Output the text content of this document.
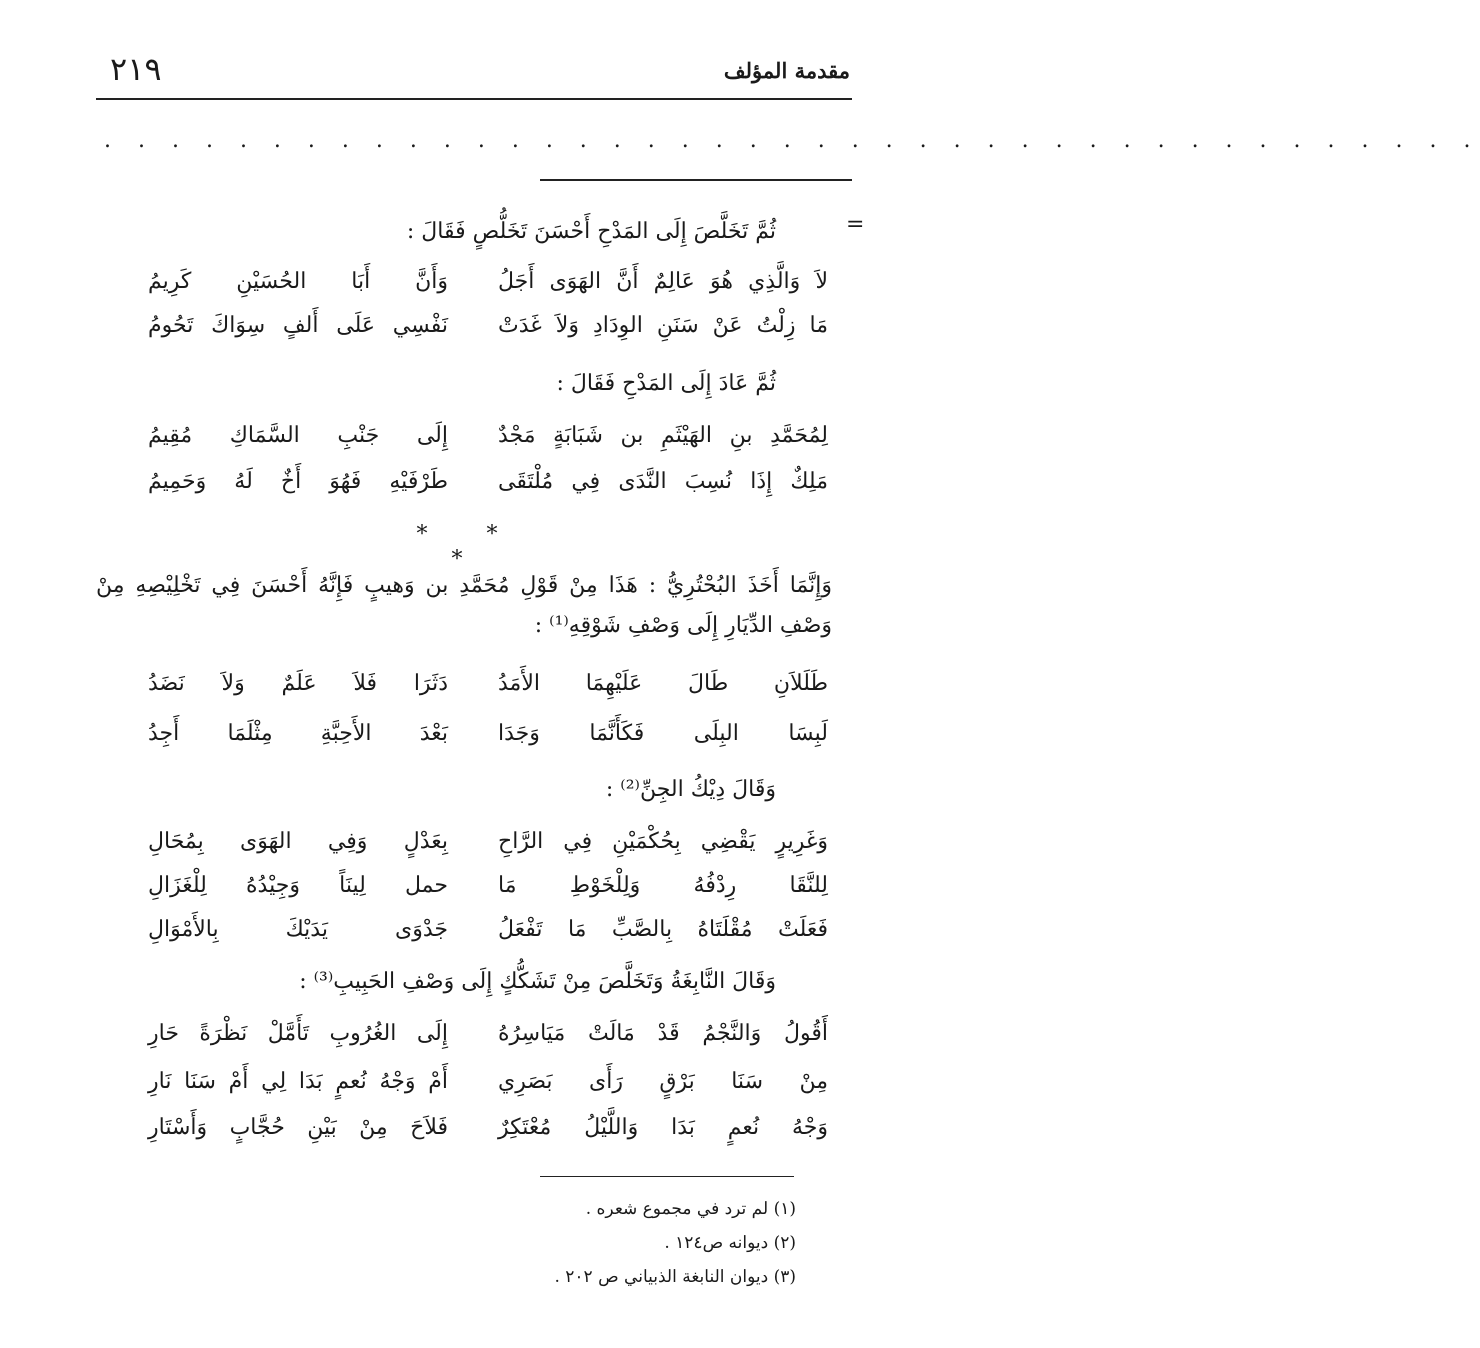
مقدمة المؤلف
٢١٩
. . . . . . . . . . . . . . . . . . . . . . . . . . . . . . . . . . . . . . . . .
=
ثُمَّ تَخَلَّصَ إِلَى المَدْحِ أَحْسَنَ تَخَلُّصٍ فَقَالَ :
لاَ وَالَّذِي هُوَ عَالِمٌ أَنَّ الهَوَى أَجَلُ
وَأَنَّ أَبَا الحُسَيْنِ كَرِيمُ
مَا زِلْتُ عَنْ سَنَنِ الوِدَادِ وَلاَ غَدَتْ
نَفْسِي عَلَى أَلفٍ سِوَاكَ تَحُومُ
ثُمَّ عَادَ إِلَى المَدْحِ فَقَالَ :
لِمُحَمَّدِ بنِ الهَيْثَمِ بن شَبَابَةٍ مَجْدٌ
إِلَى جَنْبِ السَّمَاكِ مُقِيمُ
مَلِكٌ إِذَا نُسِبَ النَّدَى فِي مُلْتَقَى
طَرْفَيْهِ فَهُوَ أَخٌ لَهُ وَحَمِيمُ
* * *
وَإِنَّمَا أَخَذَ البُحْتُرِيُّ : هَذَا مِنْ قَوْلِ مُحَمَّدِ بن وَهيبٍ فَإِنَّهُ أَحْسَنَ فِي تَخْلِيْصِهِ مِنْ وَصْفِ الدِّيَارِ إِلَى وَصْفِ شَوْقِهِ⁽¹⁾ :
طَلَلاَنِ طَالَ عَلَيْهِمَا الأَمَدُ
دَثَرَا فَلاَ عَلَمٌ وَلاَ نَضَدُ
لَبِسَا البِلَى فَكَأَنَّمَا وَجَدَا
بَعْدَ الأَحِبَّةِ مِثْلَمَا أَجِدُ
وَقَالَ دِيْكُ الجِنِّ⁽²⁾ :
وَغَرِيرٍ يَقْضِي بِحُكْمَيْنِ فِي الرَّاحِ
بِعَدْلٍ وَفِي الهَوَى بِمُحَالِ
لِلنَّقَا رِدْفُهُ وَلِلْخَوْطِ مَا
حمل لِينَاً وَجِيْدُهُ لِلْغَزَالِ
فَعَلَتْ مُقْلَتَاهُ بِالصَّبِّ مَا تَفْعَلُ
جَدْوَى يَدَيْكَ بِالأَمْوَالِ
وَقَالَ النَّابِغَةُ وَتَخَلَّصَ مِنْ تَشَكُّكٍ إِلَى وَصْفِ الحَبِيبِ⁽³⁾ :
أَقُولُ وَالنَّجْمُ قَدْ مَالَتْ مَيَاسِرُهُ
إِلَى الغُرُوبِ تَأَمَّلْ نَظْرَةً حَارِ
مِنْ سَنَا بَرْقٍ رَأَى بَصَرِي
أَمْ وَجْهُ نُعمٍ بَدَا لِي أَمْ سَنَا نَارِ
وَجْهُ نُعمٍ بَدَا وَاللَّيْلُ مُعْتَكِرٌ
فَلاَحَ مِنْ بَيْنِ حُجَّابٍ وَأَسْتَارِ
(١) لم ترد في مجموع شعره .
(٢) ديوانه ص١٢٤ .
(٣) ديوان النابغة الذبياني ص ٢٠٢ .
